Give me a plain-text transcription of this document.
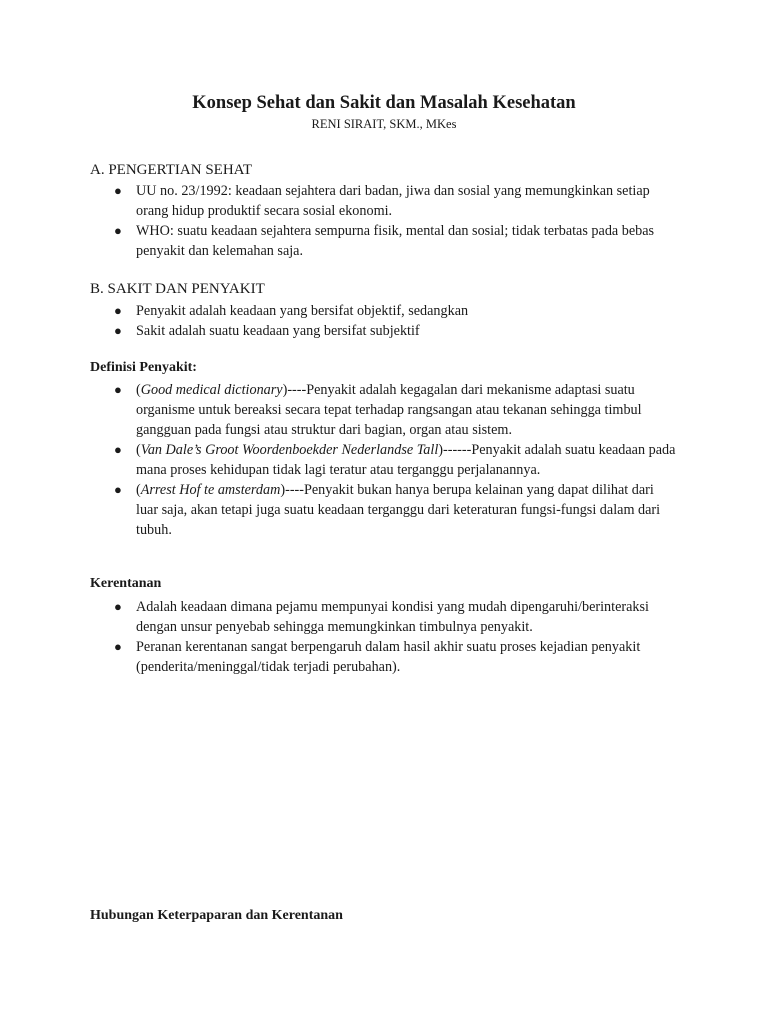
Konsep Sehat dan Sakit dan Masalah Kesehatan
RENI SIRAIT, SKM., MKes
A. PENGERTIAN SEHAT
● UU no. 23/1992: keadaan sejahtera dari badan, jiwa dan sosial yang memungkinkan setiap orang hidup produktif secara sosial ekonomi.
● WHO: suatu keadaan sejahtera sempurna fisik, mental dan sosial; tidak terbatas pada bebas penyakit dan kelemahan saja.
B. SAKIT DAN PENYAKIT
● Penyakit adalah keadaan yang bersifat objektif, sedangkan
● Sakit adalah suatu keadaan yang bersifat subjektif
Definisi Penyakit:
● (Good medical dictionary)----Penyakit adalah kegagalan dari mekanisme adaptasi suatu organisme untuk bereaksi secara tepat terhadap rangsangan atau tekanan sehingga timbul gangguan pada fungsi atau struktur dari bagian, organ atau sistem.
● (Van Dale’s Groot Woordenboekder Nederlandse Tall)------Penyakit adalah suatu keadaan pada mana proses kehidupan tidak lagi teratur atau terganggu perjalanannya.
● (Arrest Hof te amsterdam)----Penyakit bukan hanya berupa kelainan yang dapat dilihat dari luar saja, akan tetapi juga suatu keadaan terganggu dari keteraturan fungsi-fungsi dalam dari tubuh.
Kerentanan
● Adalah keadaan dimana pejamu mempunyai kondisi yang mudah dipengaruhi/berinteraksi dengan unsur penyebab sehingga memungkinkan timbulnya penyakit.
● Peranan kerentanan sangat berpengaruh dalam hasil akhir suatu proses kejadian penyakit (penderita/meninggal/tidak terjadi perubahan).
Hubungan Keterpaparan dan Kerentanan
